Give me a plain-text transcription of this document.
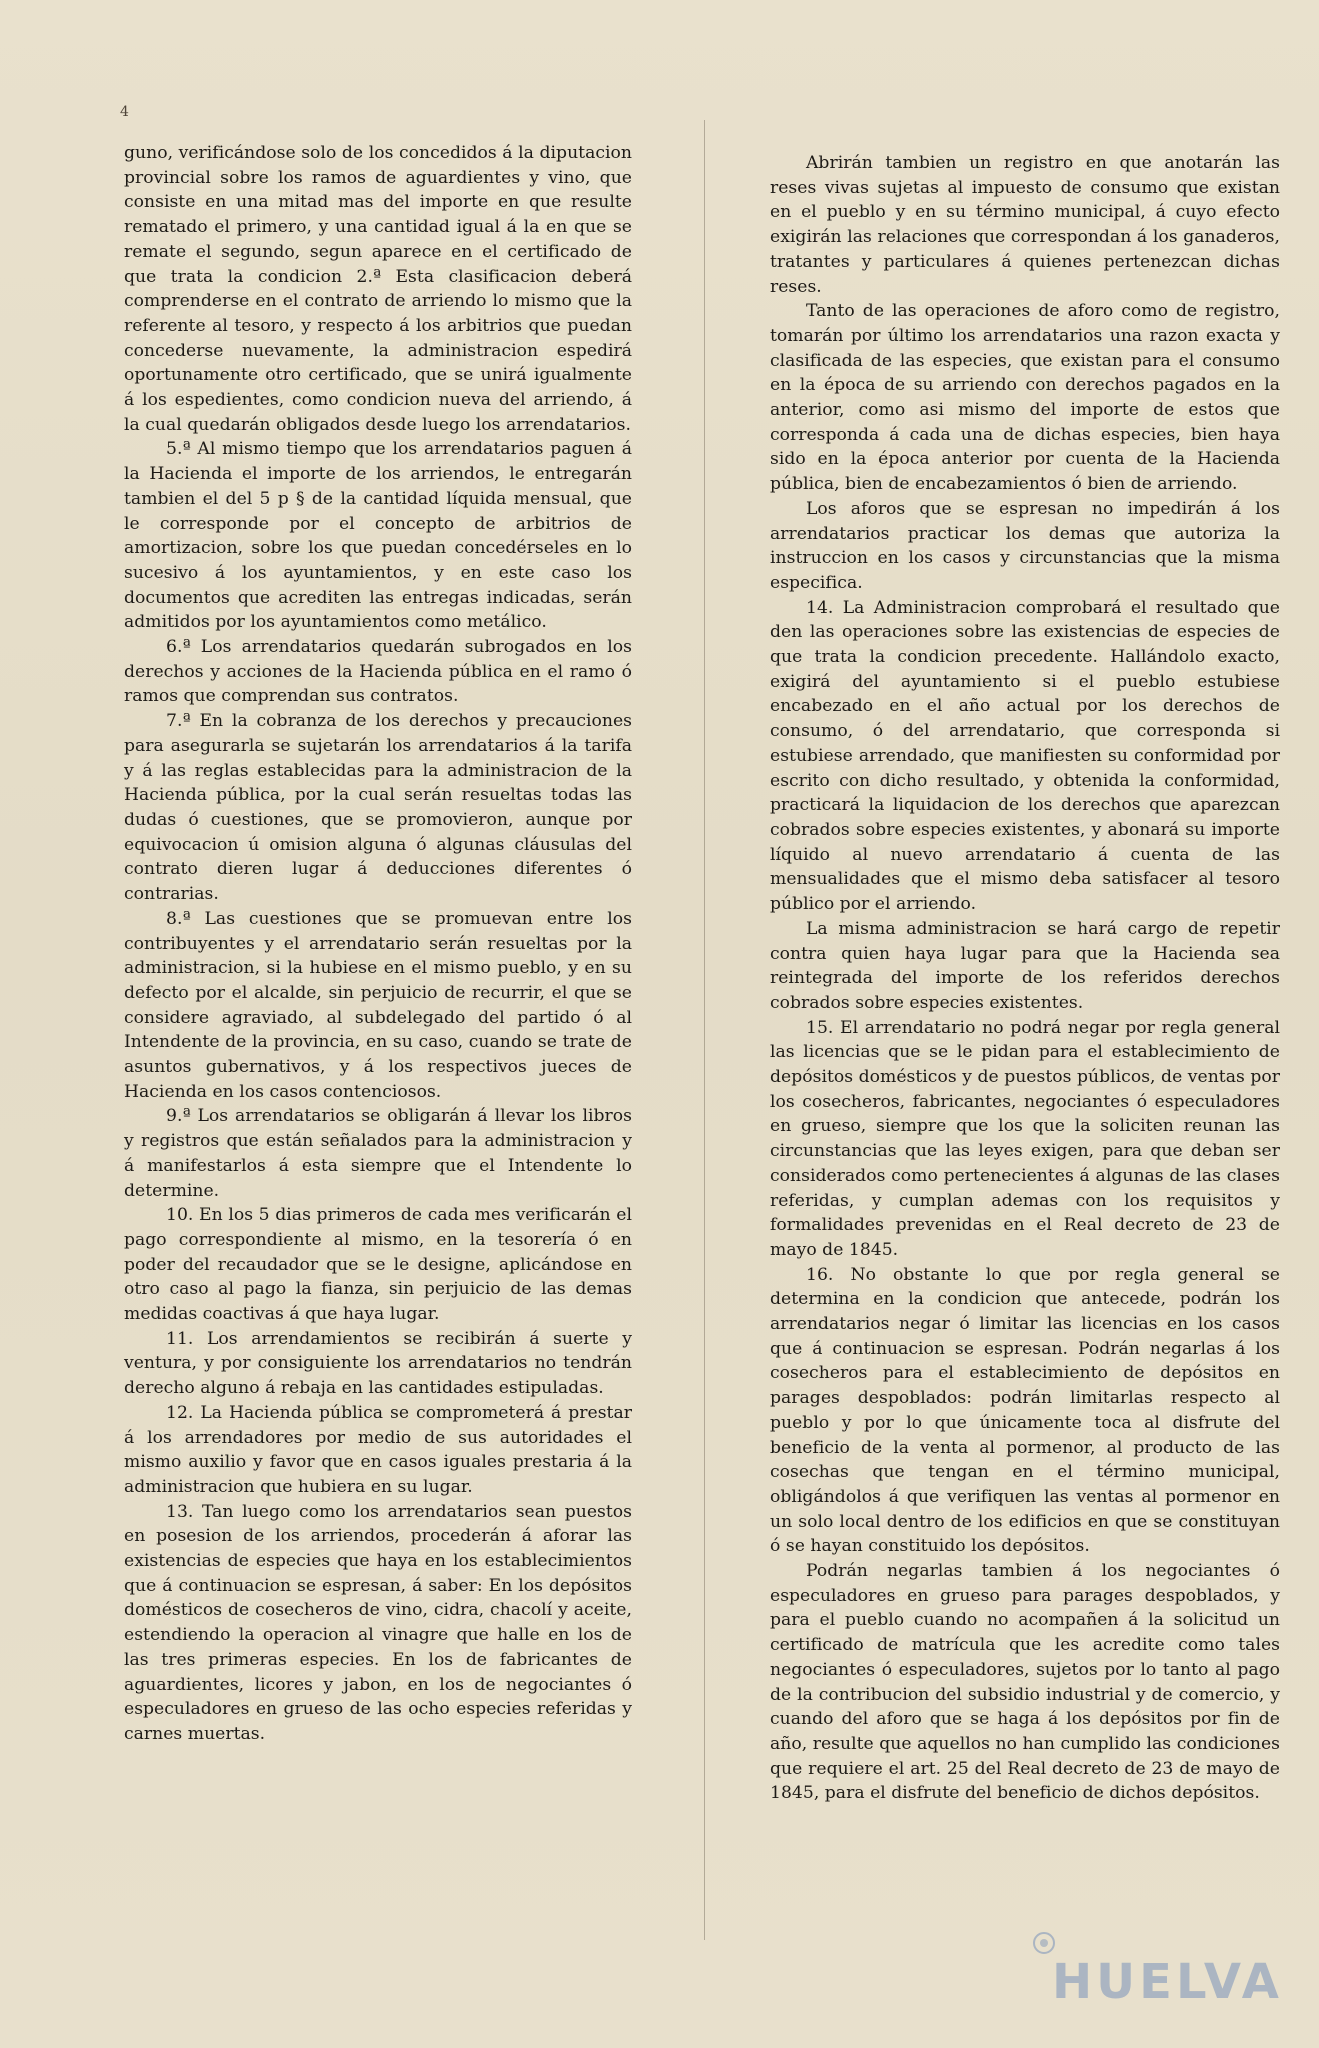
4

guno, verificándose solo de los concedidos á la diputacion provincial sobre los ramos de aguardientes y vino, que consiste en una mitad mas del importe en que resulte rematado el primero, y una cantidad igual á la en que se remate el segundo, segun aparece en el certificado de que trata la condicion 2.ª Esta clasificacion deberá comprenderse en el contrato de arriendo lo mismo que la referente al tesoro, y respecto á los arbitrios que puedan concederse nuevamente, la administracion espedirá oportunamente otro certificado, que se unirá igualmente á los espedientes, como condicion nueva del arriendo, á la cual quedarán obligados desde luego los arrendatarios.

5.ª Al mismo tiempo que los arrendatarios paguen á la Hacienda el importe de los arriendos, le entregarán tambien el del 5 p § de la cantidad líquida mensual, que le corresponde por el concepto de arbitrios de amortizacion, sobre los que puedan concedérseles en lo sucesivo á los ayuntamientos, y en este caso los documentos que acrediten las entregas indicadas, serán admitidos por los ayuntamientos como metálico.

6.ª Los arrendatarios quedarán subrogados en los derechos y acciones de la Hacienda pública en el ramo ó ramos que comprendan sus contratos.

7.ª En la cobranza de los derechos y precauciones para asegurarla se sujetarán los arrendatarios á la tarifa y á las reglas establecidas para la administracion de la Hacienda pública, por la cual serán resueltas todas las dudas ó cuestiones, que se promovieron, aunque por equivocacion ú omision alguna ó algunas cláusulas del contrato dieren lugar á deducciones diferentes ó contrarias.

8.ª Las cuestiones que se promuevan entre los contribuyentes y el arrendatario serán resueltas por la administracion, si la hubiese en el mismo pueblo, y en su defecto por el alcalde, sin perjuicio de recurrir, el que se considere agraviado, al subdelegado del partido ó al Intendente de la provincia, en su caso, cuando se trate de asuntos gubernativos, y á los respectivos jueces de Hacienda en los casos contenciosos.

9.ª Los arrendatarios se obligarán á llevar los libros y registros que están señalados para la administracion y á manifestarlos á esta siempre que el Intendente lo determine.

10. En los 5 dias primeros de cada mes verificarán el pago correspondiente al mismo, en la tesorería ó en poder del recaudador que se le designe, aplicándose en otro caso al pago la fianza, sin perjuicio de las demas medidas coactivas á que haya lugar.

11. Los arrendamientos se recibirán á suerte y ventura, y por consiguiente los arrendatarios no tendrán derecho alguno á rebaja en las cantidades estipuladas.

12. La Hacienda pública se comprometerá á prestar á los arrendadores por medio de sus autoridades el mismo auxilio y favor que en casos iguales prestaria á la administracion que hubiera en su lugar.

13. Tan luego como los arrendatarios sean puestos en posesion de los arriendos, procederán á aforar las existencias de especies que haya en los establecimientos que á continuacion se espresan, á saber: En los depósitos domésticos de cosecheros de vino, cidra, chacolí y aceite, estendiendo la operacion al vinagre que halle en los de las tres primeras especies. En los de fabricantes de aguardientes, licores y jabon, en los de negociantes ó especuladores en grueso de las ocho especies referidas y carnes muertas.

Abrirán tambien un registro en que anotarán las reses vivas sujetas al impuesto de consumo que existan en el pueblo y en su término municipal, á cuyo efecto exigirán las relaciones que correspondan á los ganaderos, tratantes y particulares á quienes pertenezcan dichas reses.

Tanto de las operaciones de aforo como de registro, tomarán por último los arrendatarios una razon exacta y clasificada de las especies, que existan para el consumo en la época de su arriendo con derechos pagados en la anterior, como asi mismo del importe de estos que corresponda á cada una de dichas especies, bien haya sido en la época anterior por cuenta de la Hacienda pública, bien de encabezamientos ó bien de arriendo.

Los aforos que se espresan no impedirán á los arrendatarios practicar los demas que autoriza la instruccion en los casos y circunstancias que la misma especifica.

14. La Administracion comprobará el resultado que den las operaciones sobre las existencias de especies de que trata la condicion precedente. Hallándolo exacto, exigirá del ayuntamiento si el pueblo estubiese encabezado en el año actual por los derechos de consumo, ó del arrendatario, que corresponda si estubiese arrendado, que manifiesten su conformidad por escrito con dicho resultado, y obtenida la conformidad, practicará la liquidacion de los derechos que aparezcan cobrados sobre especies existentes, y abonará su importe líquido al nuevo arrendatario á cuenta de las mensualidades que el mismo deba satisfacer al tesoro público por el arriendo.

La misma administracion se hará cargo de repetir contra quien haya lugar para que la Hacienda sea reintegrada del importe de los referidos derechos cobrados sobre especies existentes.

15. El arrendatario no podrá negar por regla general las licencias que se le pidan para el establecimiento de depósitos domésticos y de puestos públicos, de ventas por los cosecheros, fabricantes, negociantes ó especuladores en grueso, siempre que los que la soliciten reunan las circunstancias que las leyes exigen, para que deban ser considerados como pertenecientes á algunas de las clases referidas, y cumplan ademas con los requisitos y formalidades prevenidas en el Real decreto de 23 de mayo de 1845.

16. No obstante lo que por regla general se determina en la condicion que antecede, podrán los arrendatarios negar ó limitar las licencias en los casos que á continuacion se espresan. Podrán negarlas á los cosecheros para el establecimiento de depósitos en parages despoblados: podrán limitarlas respecto al pueblo y por lo que únicamente toca al disfrute del beneficio de la venta al pormenor, al producto de las cosechas que tengan en el término municipal, obligándolos á que verifiquen las ventas al pormenor en un solo local dentro de los edificios en que se constituyan ó se hayan constituido los depósitos.

Podrán negarlas tambien á los negociantes ó especuladores en grueso para parages despoblados, y para el pueblo cuando no acompañen á la solicitud un certificado de matrícula que les acredite como tales negociantes ó especuladores, sujetos por lo tanto al pago de la contribucion del subsidio industrial y de comercio, y cuando del aforo que se haga á los depósitos por fin de año, resulte que aquellos no han cumplido las condiciones que requiere el art. 25 del Real decreto de 23 de mayo de 1845, para el disfrute del beneficio de dichos depósitos.

HUELVA
